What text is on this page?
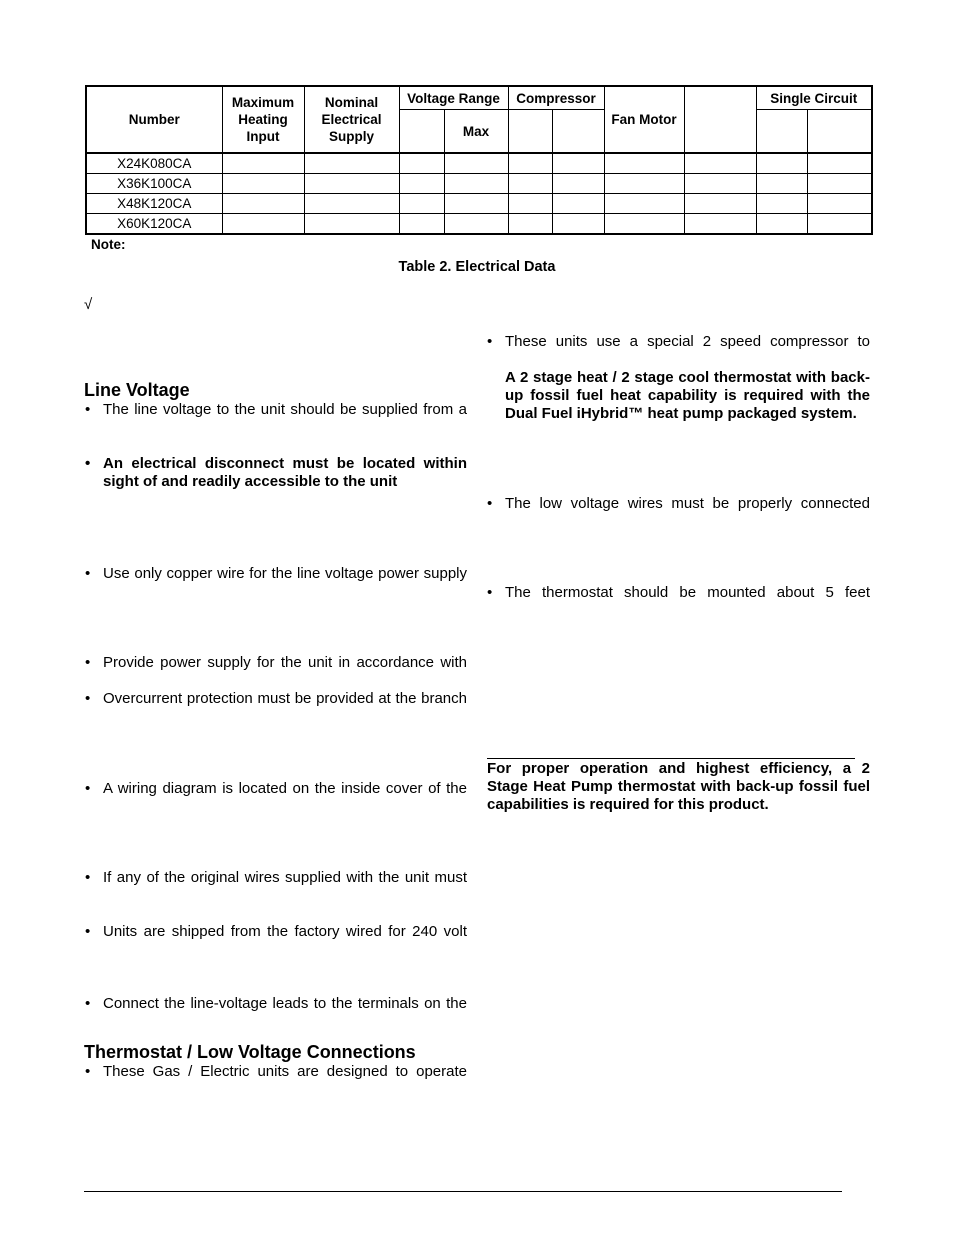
Number	Maximum Heating Input	Nominal Electrical Supply	Voltage Range		Compressor		Fan Motor		Single Circuit	
				Max						
X24K080CA										
X36K100CA										
X48K120CA										
X60K120CA										
Note:
Table 2. Electrical Data
√
Line Voltage
• The line voltage to the unit should be supplied from a
• An electrical disconnect must be located within sight of and readily accessible to the unit
• Use only copper wire for the line voltage power supply
• Provide power supply for the unit in accordance with
• Overcurrent protection must be provided at the branch
• A wiring diagram is located on the inside cover of the
• If any of the original wires supplied with the unit must
• Units are shipped from the factory wired for 240 volt
• Connect the line-voltage leads to the terminals on the
Thermostat / Low Voltage Connections
• These Gas / Electric units are designed to operate
• These units use a special 2 speed compressor to
A 2 stage heat / 2 stage cool thermostat with back-up fossil fuel heat capability is required with the Dual Fuel iHybrid™ heat pump packaged system.
• The low voltage wires must be properly connected
• The thermostat should be mounted about 5 feet
For proper operation and highest efficiency, a 2 Stage Heat Pump thermostat with back-up fossil fuel capabilities is required for this product.
